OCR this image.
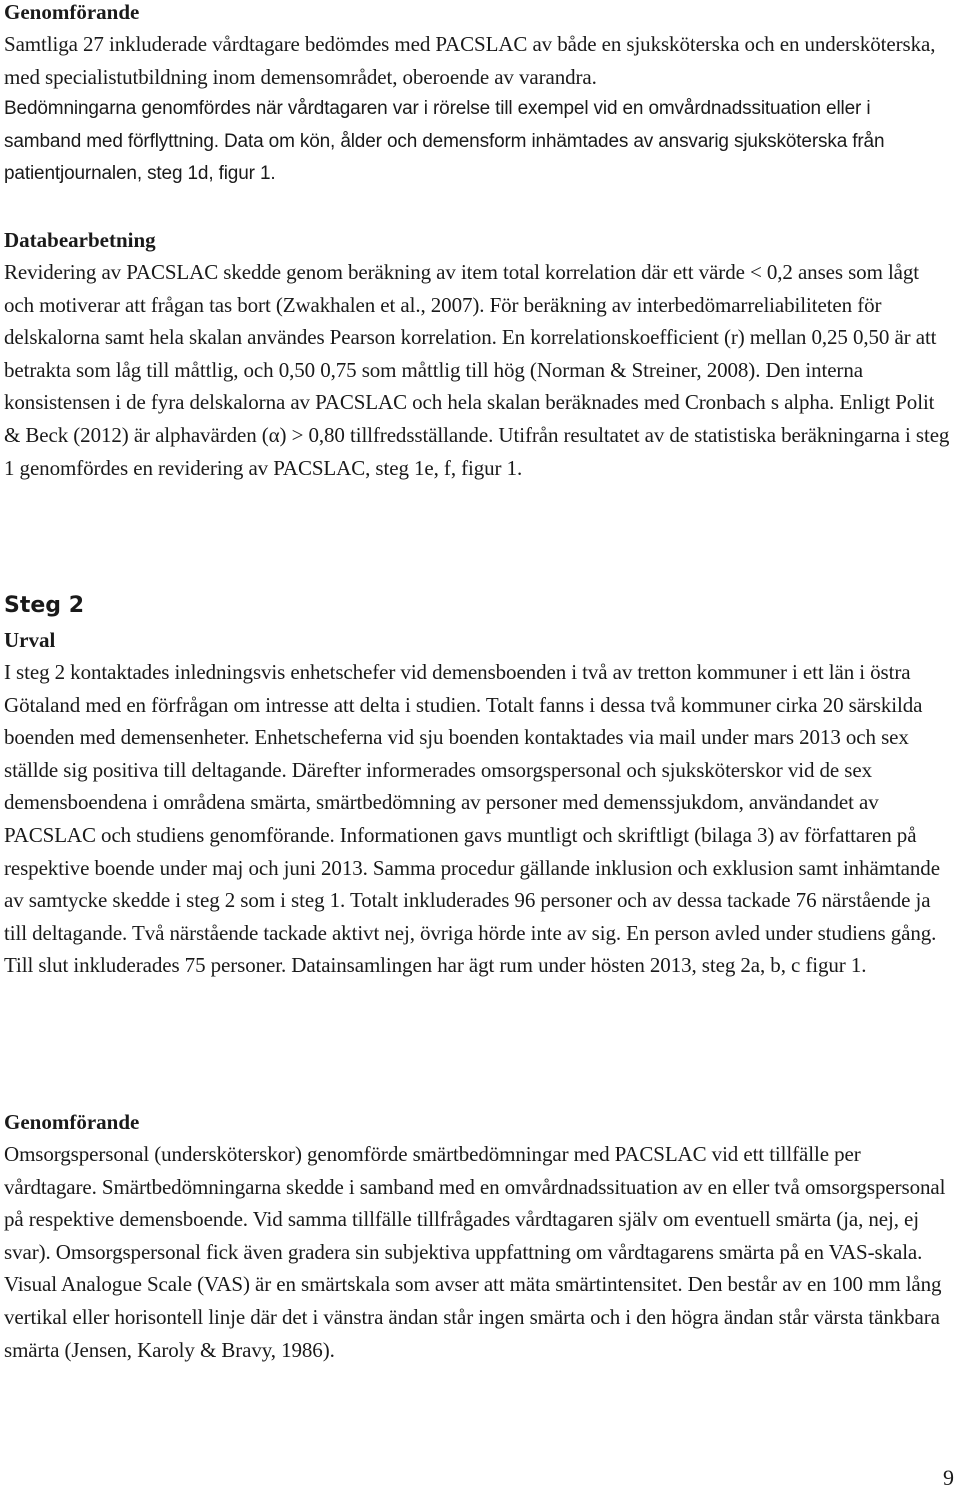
Genomförande

Samtliga 27 inkluderade vårdtagare bedömdes med PACSLAC av både en sjuksköterska och en undersköterska, med specialistutbildning inom demensområdet, oberoende av varandra.

Bedömningarna genomfördes när vårdtagaren var i rörelse till exempel vid en omvårdnadssituation eller i samband med förflyttning. Data om kön, ålder och demensform inhämtades av ansvarig sjuksköterska från patientjournalen, steg 1d, figur 1.

Databearbetning

Revidering av PACSLAC skedde genom beräkning av item total korrelation där ett värde < 0,2 anses som lågt och motiverar att frågan tas bort (Zwakhalen et al., 2007). För beräkning av interbedömarreliabiliteten för delskalorna samt hela skalan användes Pearson korrelation. En korrelationskoefficient (r) mellan 0,25 0,50 är att betrakta som låg till måttlig, och 0,50 0,75 som måttlig till hög (Norman & Streiner, 2008). Den interna konsistensen i de fyra delskalorna av PACSLAC och hela skalan beräknades med Cronbach s alpha. Enligt Polit & Beck (2012) är alphavärden (α) > 0,80 tillfredsställande. Utifrån resultatet av de statistiska beräkningarna i steg 1 genomfördes en revidering av PACSLAC, steg 1e, f, figur 1.

Steg 2
Urval

I steg 2 kontaktades inledningsvis enhetschefer vid demensboenden i två av tretton kommuner i ett län i östra Götaland med en förfrågan om intresse att delta i studien. Totalt fanns i dessa två kommuner cirka 20 särskilda boenden med demensenheter. Enhetscheferna vid sju boenden kontaktades via mail under mars 2013 och sex ställde sig positiva till deltagande. Därefter informerades omsorgspersonal och sjuksköterskor vid de sex demensboendena i områdena smärta, smärtbedömning av personer med demenssjukdom, användandet av PACSLAC och studiens genomförande. Informationen gavs muntligt och skriftligt (bilaga 3) av författaren på respektive boende under maj och juni 2013. Samma procedur gällande inklusion och exklusion samt inhämtande av samtycke skedde i steg 2 som i steg 1. Totalt inkluderades 96 personer och av dessa tackade 76 närstående ja till deltagande. Två närstående tackade aktivt nej, övriga hörde inte av sig. En person avled under studiens gång. Till slut inkluderades 75 personer. Datainsamlingen har ägt rum under hösten 2013, steg 2a, b, c figur 1.

Genomförande

Omsorgspersonal (undersköterskor) genomförde smärtbedömningar med PACSLAC vid ett tillfälle per vårdtagare. Smärtbedömningarna skedde i samband med en omvårdnadssituation av en eller två omsorgspersonal på respektive demensboende. Vid samma tillfälle tillfrågades vårdtagaren själv om eventuell smärta (ja, nej, ej svar). Omsorgspersonal fick även gradera sin subjektiva uppfattning om vårdtagarens smärta på en VAS-skala. Visual Analogue Scale (VAS) är en smärtskala som avser att mäta smärtintensitet. Den består av en 100 mm lång vertikal eller horisontell linje där det i vänstra ändan står ingen smärta och i den högra ändan står värsta tänkbara smärta (Jensen, Karoly & Bravy, 1986).

9
